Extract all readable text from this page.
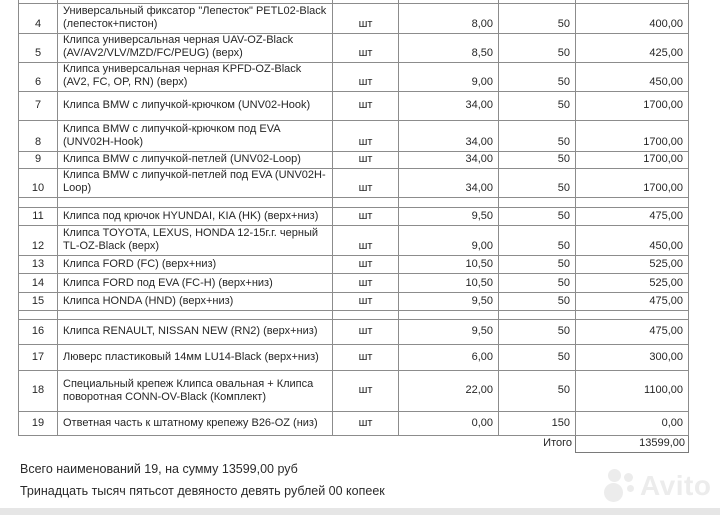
4	Универсальный фиксатор "Лепесток" PETL02-Black (лепесток+пистон)	шт	8,00	50	400,00
5	Клипса универсальная черная UAV-OZ-Black (AV/AV2/VLV/MZD/FC/PEUG) (верх)	шт	8,50	50	425,00
6	Клипса универсальная черная KPFD-OZ-Black (AV2, FC, OP, RN) (верх)	шт	9,00	50	450,00
7	Клипса BMW с липучкой-крючком (UNV02-Hook)	шт	34,00	50	1700,00
8	Клипса BMW с липучкой-крючком под EVA (UNV02H-Hook)	шт	34,00	50	1700,00
9	Клипса BMW с липучкой-петлей (UNV02-Loop)	шт	34,00	50	1700,00
10	Клипса BMW с липучкой-петлей под EVA (UNV02H-Loop)	шт	34,00	50	1700,00

11	Клипса под крючок HYUNDAI, KIA (HK) (верх+низ)	шт	9,50	50	475,00
12	Клипса TOYOTA, LEXUS, HONDA 12-15г.г. черный TL-OZ-Black (верх)	шт	9,00	50	450,00
13	Клипса FORD (FC) (верх+низ)	шт	10,50	50	525,00
14	Клипса FORD под EVA (FC-H) (верх+низ)	шт	10,50	50	525,00
15	Клипса HONDA (HND) (верх+низ)	шт	9,50	50	475,00

16	Клипса RENAULT, NISSAN NEW (RN2) (верх+низ)	шт	9,50	50	475,00
17	Люверс пластиковый 14мм LU14-Black (верх+низ)	шт	6,00	50	300,00
18	Специальный крепеж Клипса овальная + Клипса поворотная CONN-OV-Black (Комплект)	шт	22,00	50	1100,00
19	Ответная часть к штатному крепежу B26-OZ (низ)	шт	0,00	150	0,00
Итого					13599,00
Всего наименований 19, на сумму 13599,00 руб
Тринадцать тысяч пятьсот девяносто девять рублей 00 копеек	Avito
